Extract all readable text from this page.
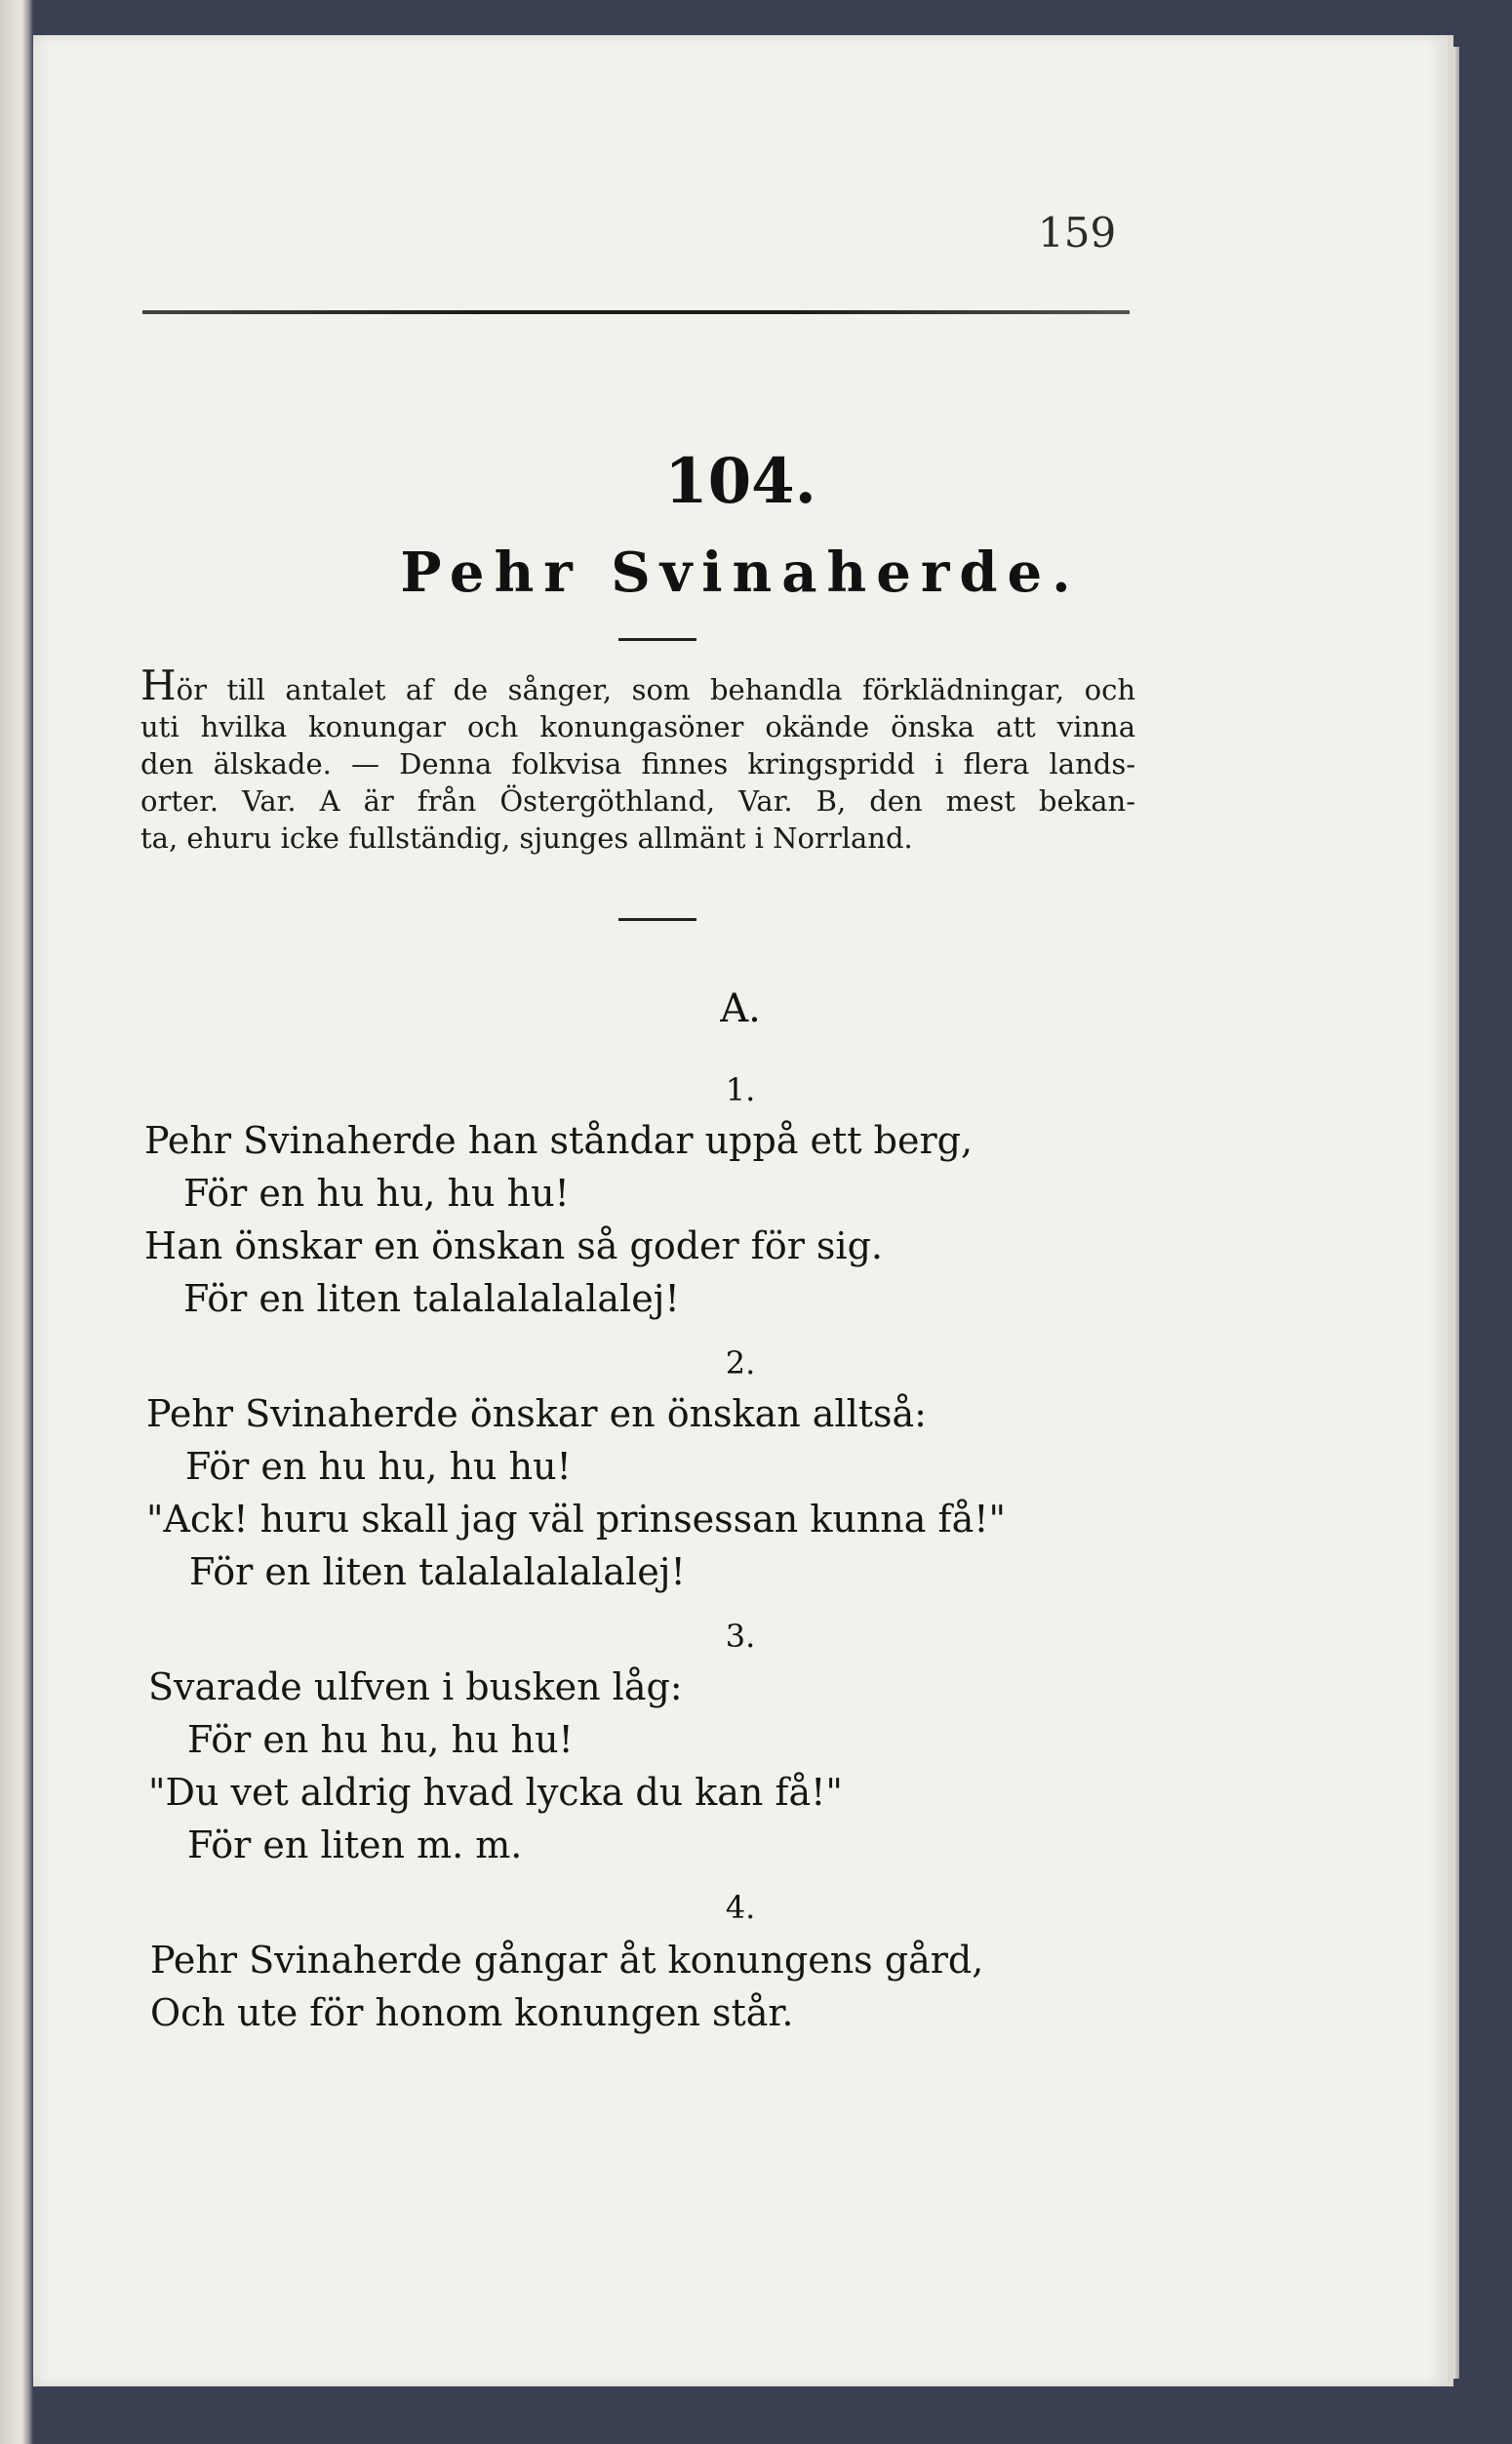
159
104.
Pehr Svinaherde.
Hör till antalet af de sånger, som behandla förklädningar, och
uti hvilka konungar och konungasöner okände önska att vinna
den älskade. — Denna folkvisa finnes kringspridd i flera lands-
orter. Var. A är från Östergöthland, Var. B, den mest bekan-
ta, ehuru icke fullständig, sjunges allmänt i Norrland.
A.
1.
Pehr Svinaherde han ståndar uppå ett berg,
För en hu hu, hu hu!
Han önskar en önskan så goder för sig.
För en liten talalalalalalej!
2.
Pehr Svinaherde önskar en önskan alltså:
För en hu hu, hu hu!
"Ack! huru skall jag väl prinsessan kunna få!"
För en liten talalalalalalej!
3.
Svarade ulfven i busken låg:
För en hu hu, hu hu!
"Du vet aldrig hvad lycka du kan få!"
För en liten m. m.
4.
Pehr Svinaherde gångar åt konungens gård,
Och ute för honom konungen står.
